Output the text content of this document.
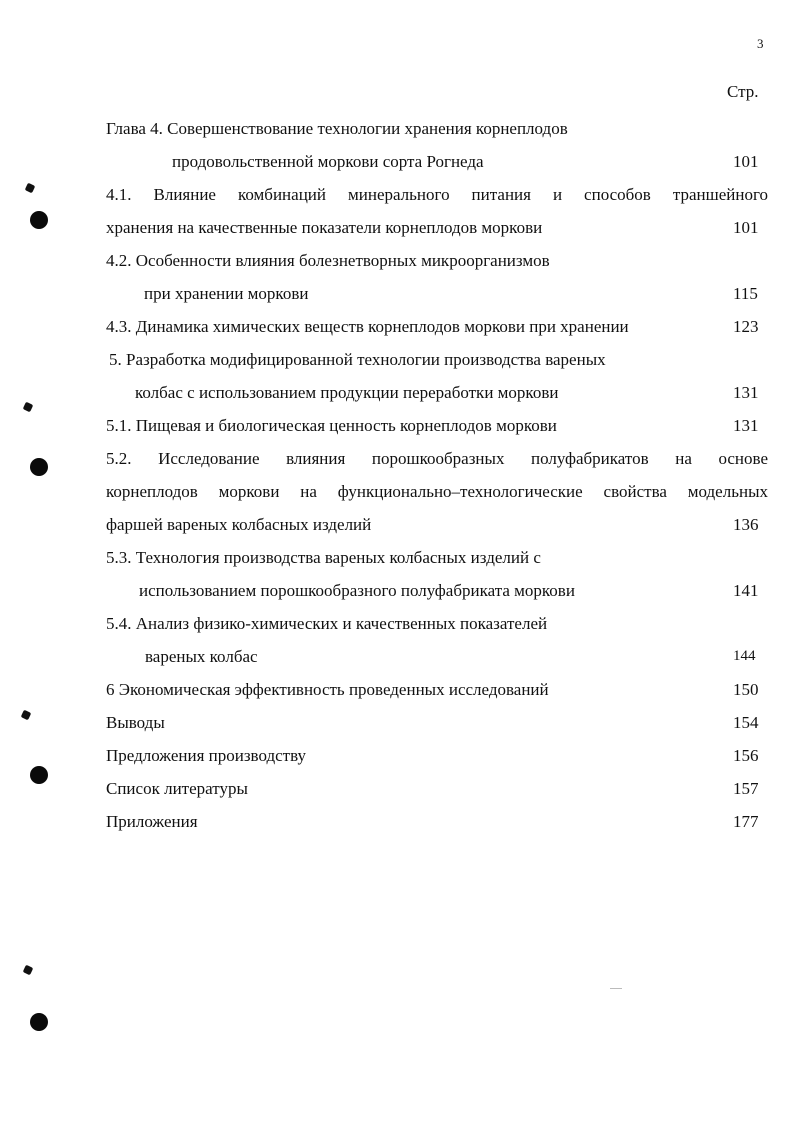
3
Стр.
Глава 4. Совершенствование технологии хранения корнеплодов
продовольственной моркови сорта Рогнеда	101
4.1. Влияние комбинаций минерального питания и способов траншейного
хранения на качественные показатели корнеплодов моркови	101
4.2. Особенности влияния болезнетворных микроорганизмов
при хранении моркови	115
4.3. Динамика химических веществ корнеплодов моркови при хранении	123
5. Разработка модифицированной технологии производства вареных
колбас с использованием продукции переработки моркови	131
5.1. Пищевая и биологическая ценность корнеплодов моркови	131
5.2. Исследование влияния порошкообразных полуфабрикатов на основе
корнеплодов моркови на функционально–технологические свойства модельных
фаршей вареных колбасных изделий	136
5.3. Технология производства вареных колбасных изделий с
использованием порошкообразного полуфабриката моркови	141
5.4. Анализ физико-химических и качественных показателей
вареных колбас	144
6 Экономическая эффективность проведенных исследований	150
Выводы	154
Предложения производству	156
Список литературы	157
Приложения	177
